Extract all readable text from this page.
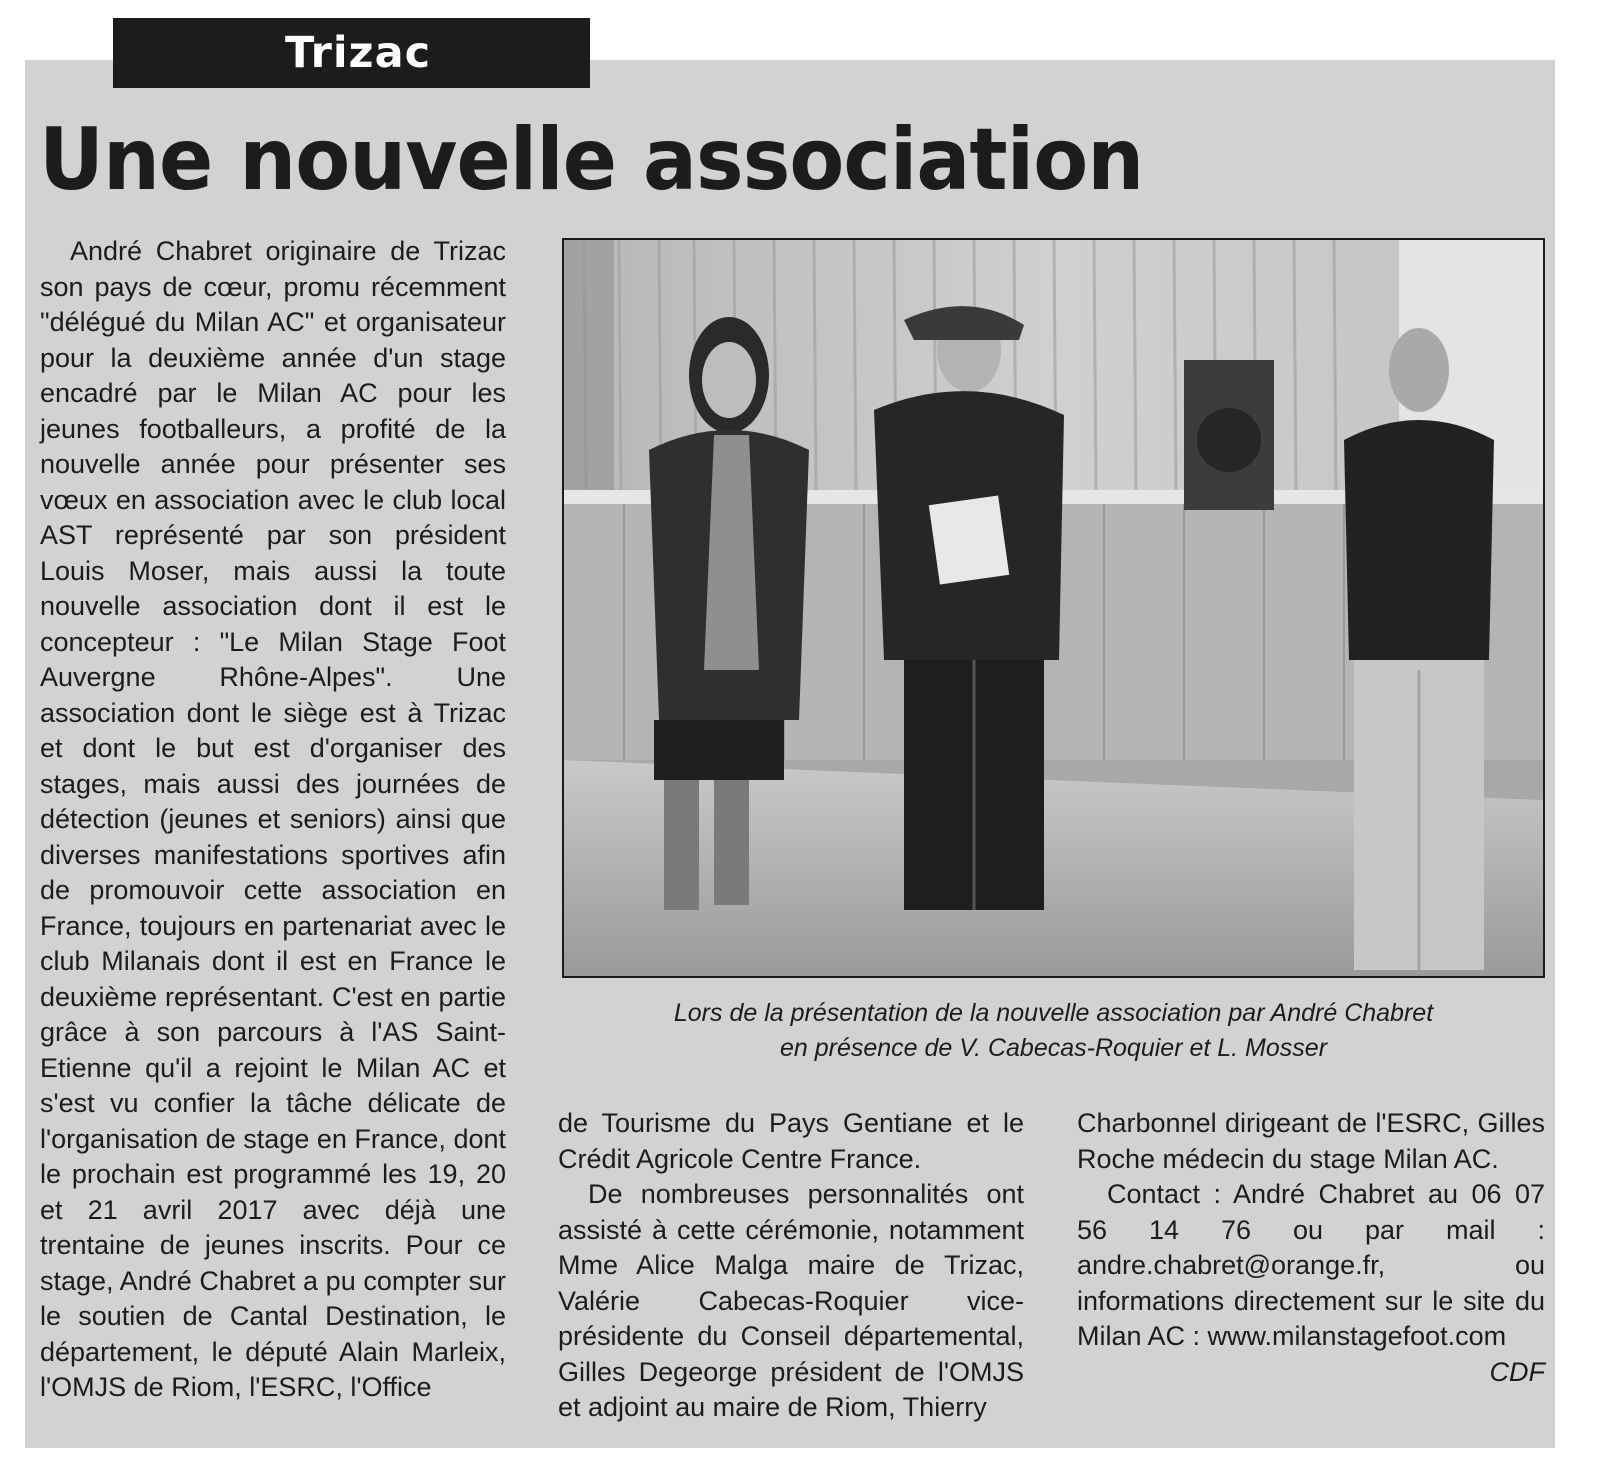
Trizac
Une nouvelle association

André Chabret originaire de Trizac son pays de cœur, promu récemment "délégué du Milan AC" et organisateur pour la deuxième année d'un stage encadré par le Milan AC pour les jeunes footballeurs, a profité de la nouvelle année pour présenter ses vœux en association avec le club local AST représenté par son président Louis Moser, mais aussi la toute nouvelle association dont il est le concepteur : "Le Milan Stage Foot Auvergne Rhône-Alpes". Une association dont le siège est à Trizac et dont le but est d'organiser des stages, mais aussi des journées de détection (jeunes et seniors) ainsi que diverses manifestations sportives afin de promouvoir cette association en France, toujours en partenariat avec le club Milanais dont il est en France le deuxième représentant. C'est en partie grâce à son parcours à l'AS Saint-Etienne qu'il a rejoint le Milan AC et s'est vu confier la tâche délicate de l'organisation de stage en France, dont le prochain est programmé les 19, 20 et 21 avril 2017 avec déjà une trentaine de jeunes inscrits. Pour ce stage, André Chabret a pu compter sur le soutien de Cantal Destination, le département, le député Alain Marleix, l'OMJS de Riom, l'ESRC, l'Office

Lors de la présentation de la nouvelle association par André Chabret
en présence de V. Cabecas-Roquier et L. Mosser

de Tourisme du Pays Gentiane et le Crédit Agricole Centre France.

De nombreuses personnalités ont assisté à cette cérémonie, notamment Mme Alice Malga maire de Trizac, Valérie Cabecas-Roquier vice-présidente du Conseil départemental, Gilles Degeorge président de l'OMJS et adjoint au maire de Riom, Thierry

Charbonnel dirigeant de l'ESRC, Gilles Roche médecin du stage Milan AC.

Contact : André Chabret au 06 07 56 14 76 ou par mail : andre.chabret@orange.fr, ou informations directement sur le site du Milan AC : www.milanstagefoot.com

CDF
